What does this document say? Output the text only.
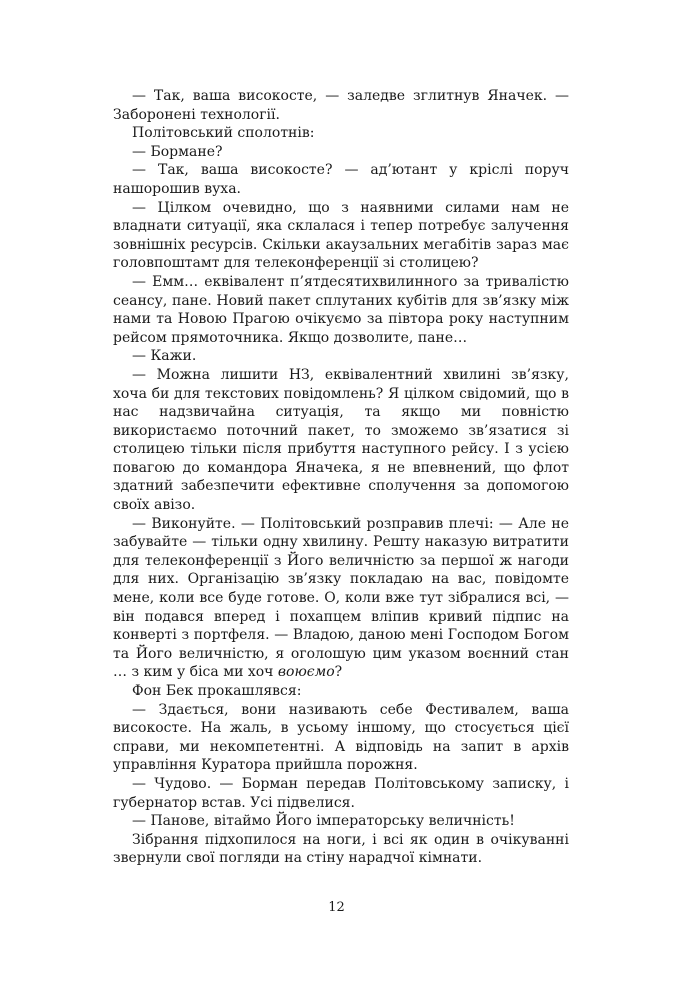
— Так, ваша високосте, — заледве зглитнув Яначек. — Заборонені технології.

Політовський сполотнів:

— Бормане?

— Так, ваша високосте? — ад’ютант у кріслі поруч нашорошив вуха.

— Цілком очевидно, що з наявними силами нам не владнати ситуації, яка склалася і тепер потребує залучення зовнішніх ресурсів. Скільки акаузальних мегабітів зараз має головпоштамт для телеконференції зі столицею?

— Емм… еквівалент п’ятдесятихвилинного за тривалістю сеансу, пане. Новий пакет сплутаних кубітів для зв’язку між нами та Новою Прагою очікуємо за півтора року наступним рейсом прямоточника. Якщо дозволите, пане…

— Кажи.

— Можна лишити НЗ, еквівалентний хвилині зв’язку, хоча би для текстових повідомлень? Я цілком свідомий, що в нас надзвичайна ситуація, та якщо ми повністю використаємо поточний пакет, то зможемо зв’язатися зі столицею тільки після прибуття наступного рейсу. І з усією повагою до командора Яначека, я не впевнений, що флот здатний забезпечити ефективне сполучення за допомогою своїх авізо.

— Виконуйте. — Політовський розправив плечі: — Але не забувайте — тільки одну хвилину. Решту наказую витратити для телеконференції з Його величністю за першої ж нагоди для них. Організацію зв’язку покладаю на вас, повідомте мене, коли все буде готове. О, коли вже тут зібралися всі, — він подався вперед і похапцем вліпив кривий підпис на конверті з портфеля. — Владою, даною мені Господом Богом та Його величністю, я оголошую цим указом воєнний стан … з ким у біса ми хоч воюємо?

Фон Бек прокашлявся:

— Здається, вони називають себе Фестивалем, ваша високосте. На жаль, в усьому іншому, що стосується цієї справи, ми некомпетентні. А відповідь на запит в архів управління Куратора прийшла порожня.

— Чудово. — Борман передав Політовському записку, і губернатор встав. Усі підвелися.

— Панове, вітаймо Його імператорську величність!

Зібрання підхопилося на ноги, і всі як один в очікуванні звернули свої погляди на стіну нарадчої кімнати.

12
